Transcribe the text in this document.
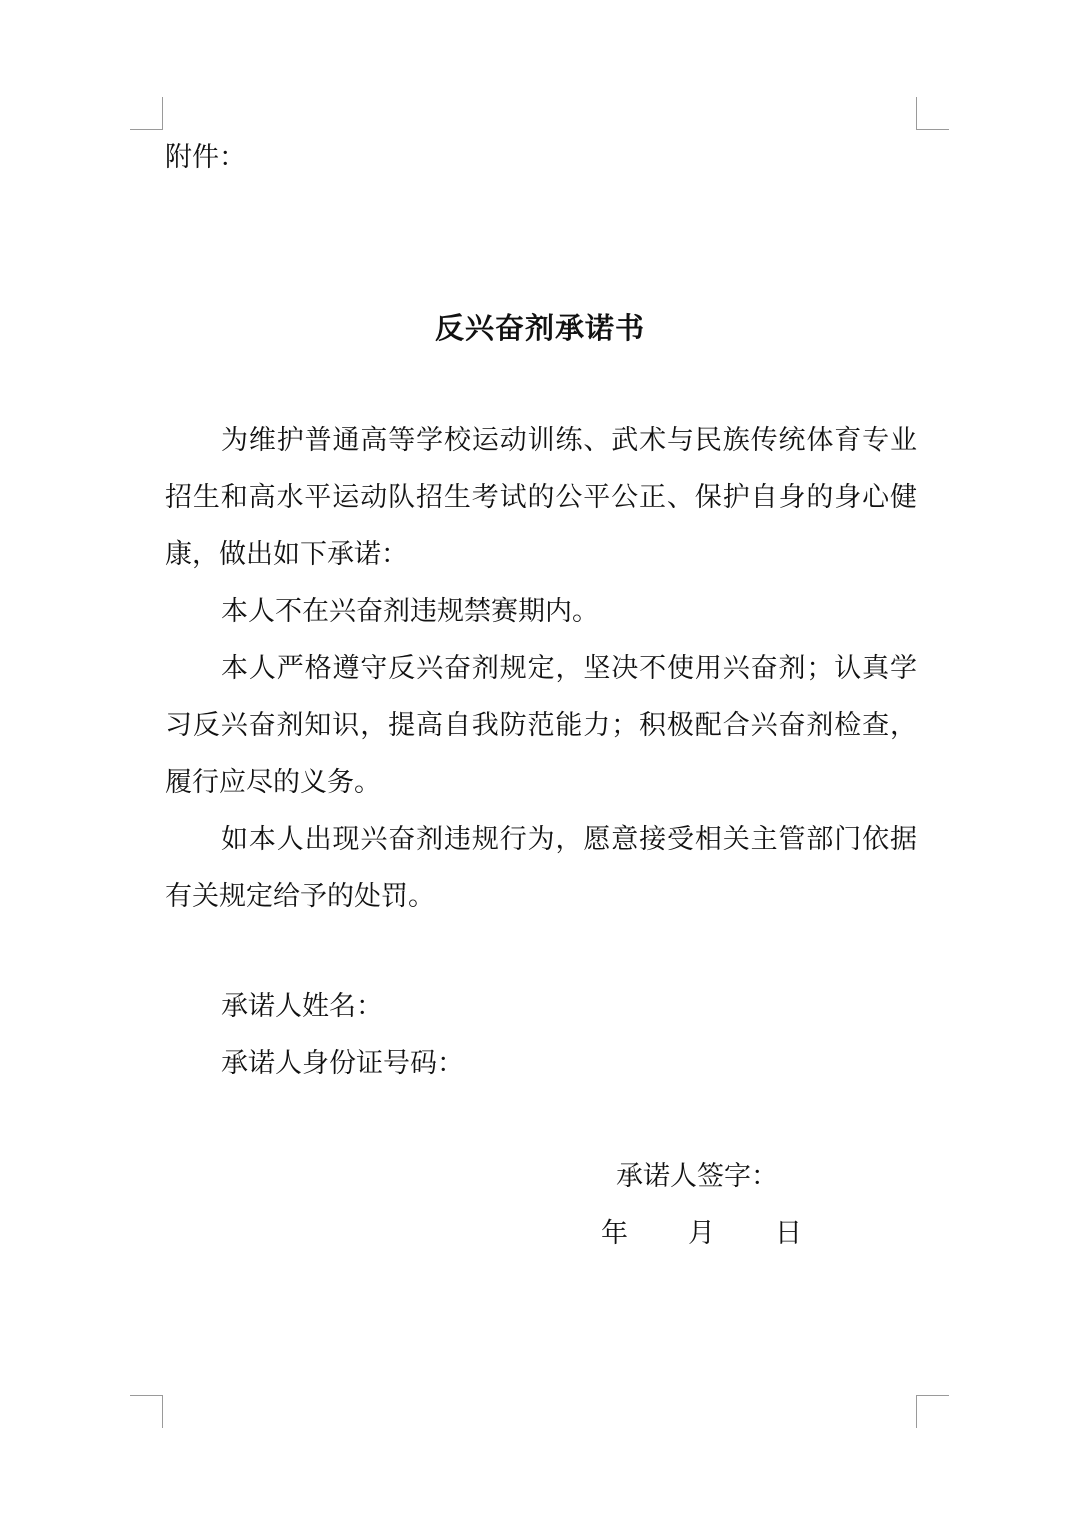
附件：
反兴奋剂承诺书
为维护普通高等学校运动训练、武术与民族传统体育专业招生和高水平运动队招生考试的公平公正、保护自身的身心健康，做出如下承诺：
本人不在兴奋剂违规禁赛期内。
本人严格遵守反兴奋剂规定，坚决不使用兴奋剂；认真学习反兴奋剂知识，提高自我防范能力；积极配合兴奋剂检查，履行应尽的义务。
如本人出现兴奋剂违规行为，愿意接受相关主管部门依据有关规定给予的处罚。
承诺人姓名：
承诺人身份证号码：
承诺人签字：
年 月 日
